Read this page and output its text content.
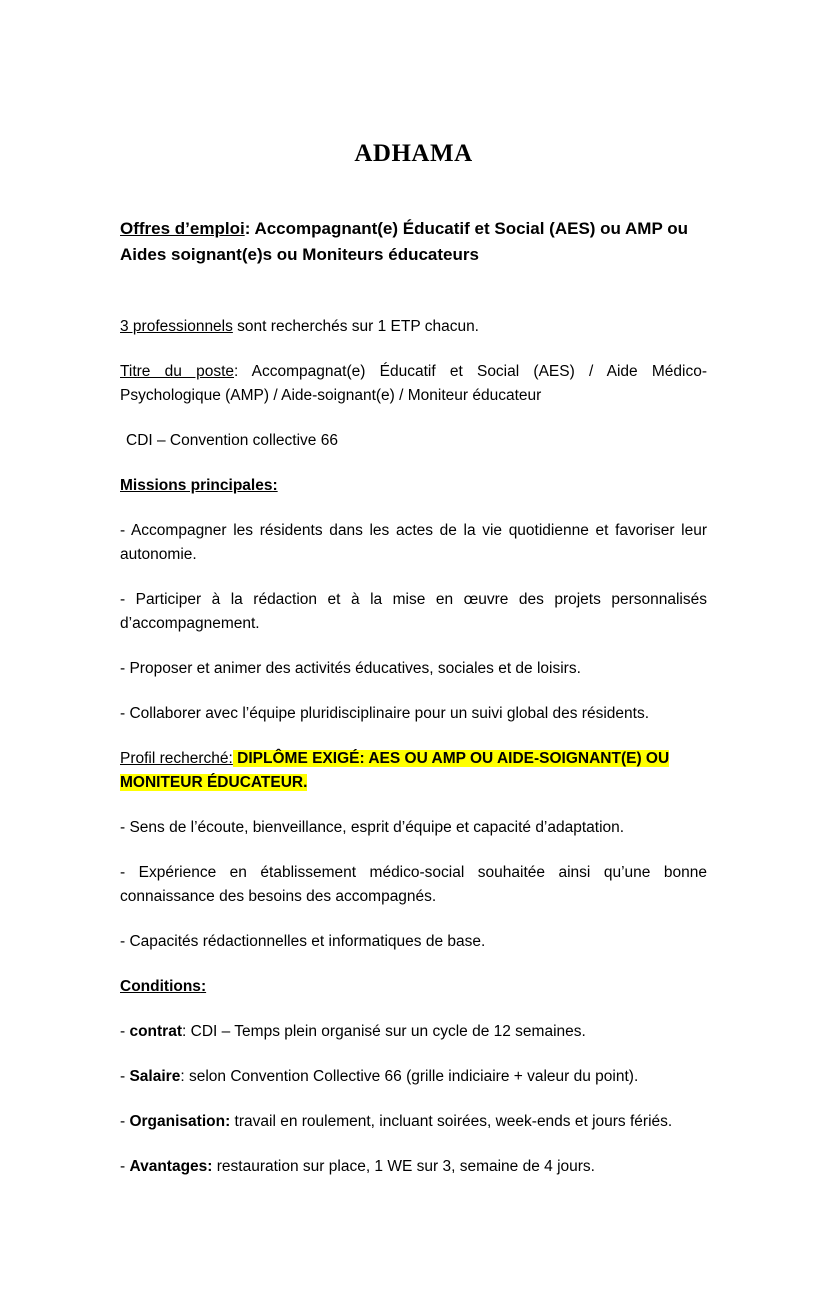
ADHAMA
Offres d’emploi: Accompagnant(e) Éducatif et Social (AES) ou AMP ou Aides soignant(e)s ou Moniteurs éducateurs
3 professionnels sont recherchés sur 1 ETP chacun.
Titre du poste: Accompagnat(e) Éducatif et Social (AES) / Aide Médico-Psychologique (AMP) / Aide-soignant(e) / Moniteur éducateur
CDI – Convention collective 66
Missions principales:
- Accompagner les résidents dans les actes de la vie quotidienne et favoriser leur autonomie.
- Participer à la rédaction et à la mise en œuvre des projets personnalisés d’accompagnement.
- Proposer et animer des activités éducatives, sociales et de loisirs.
- Collaborer avec l’équipe pluridisciplinaire pour un suivi global des résidents.
Profil recherché: DIPLÔME EXIGÉ: AES OU AMP OU AIDE-SOIGNANT(E) OU MONITEUR ÉDUCATEUR.
- Sens de l’écoute, bienveillance, esprit d’équipe et capacité d’adaptation.
- Expérience en établissement médico-social souhaitée ainsi qu’une bonne connaissance des besoins des accompagnés.
- Capacités rédactionnelles et informatiques de base.
Conditions:
- contrat: CDI – Temps plein organisé sur un cycle de 12 semaines.
- Salaire: selon Convention Collective 66 (grille indiciaire + valeur du point).
- Organisation: travail en roulement, incluant soirées, week-ends et jours fériés.
- Avantages: restauration sur place, 1 WE sur 3, semaine de 4 jours.
